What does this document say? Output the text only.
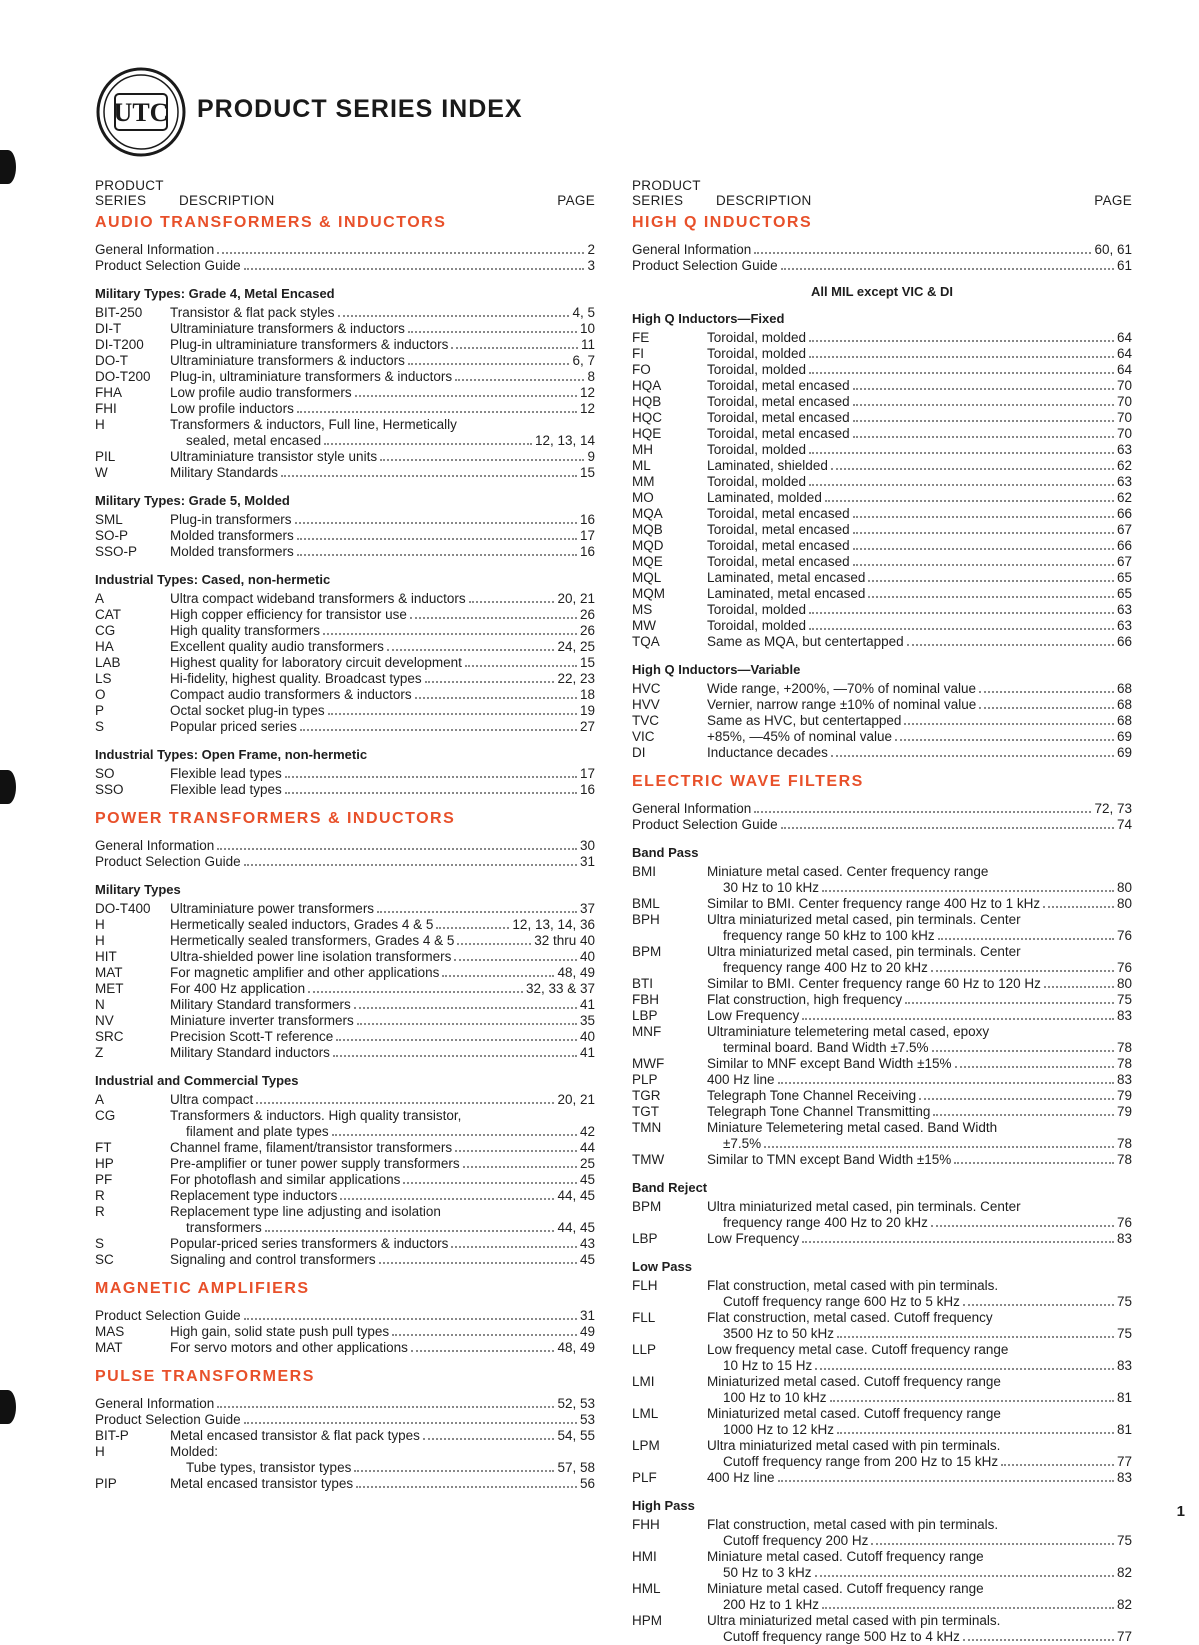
UTC PRODUCT SERIES INDEX
PRODUCT SERIES	DESCRIPTION	PAGE
AUDIO TRANSFORMERS & INDUCTORS
General Information	2
Product Selection Guide	3
Military Types: Grade 4, Metal Encased
BIT-250	Transistor & flat pack styles	4, 5
DI-T	Ultraminiature transformers & inductors	10
DI-T200	Plug-in ultraminiature transformers & inductors	11
DO-T	Ultraminiature transformers & inductors	6, 7
DO-T200	Plug-in, ultraminiature transformers & inductors	8
FHA	Low profile audio transformers	12
FHI	Low profile inductors	12
H	Transformers & inductors, Full line, Hermetically
sealed, metal encased	12, 13, 14
PIL	Ultraminiature transistor style units	9
W	Military Standards	15
Military Types: Grade 5, Molded
SML	Plug-in transformers	16
SO-P	Molded transformers	17
SSO-P	Molded transformers	16
Industrial Types: Cased, non-hermetic
A	Ultra compact wideband transformers & inductors	20, 21
CAT	High copper efficiency for transistor use	26
CG	High quality transformers	26
HA	Excellent quality audio transformers	24, 25
LAB	Highest quality for laboratory circuit development	15
LS	Hi-fidelity, highest quality. Broadcast types	22, 23
O	Compact audio transformers & inductors	18
P	Octal socket plug-in types	19
S	Popular priced series	27
Industrial Types: Open Frame, non-hermetic
SO	Flexible lead types	17
SSO	Flexible lead types	16
POWER TRANSFORMERS & INDUCTORS
General Information	30
Product Selection Guide	31
Military Types
DO-T400	Ultraminiature power transformers	37
H	Hermetically sealed inductors, Grades 4 & 5	12, 13, 14, 36
H	Hermetically sealed transformers, Grades 4 & 5	32 thru 40
HIT	Ultra-shielded power line isolation transformers	40
MAT	For magnetic amplifier and other applications	48, 49
MET	For 400 Hz application	32, 33 & 37
N	Military Standard transformers	41
NV	Miniature inverter transformers	35
SRC	Precision Scott-T reference	40
Z	Military Standard inductors	41
Industrial and Commercial Types
A	Ultra compact	20, 21
CG	Transformers & inductors. High quality transistor,
filament and plate types	42
FT	Channel frame, filament/transistor transformers	44
HP	Pre-amplifier or tuner power supply transformers	25
PF	For photoflash and similar applications	45
R	Replacement type inductors	44, 45
R	Replacement type line adjusting and isolation
transformers	44, 45
S	Popular-priced series transformers & inductors	43
SC	Signaling and control transformers	45
MAGNETIC AMPLIFIERS
Product Selection Guide	31
MAS	High gain, solid state push pull types	49
MAT	For servo motors and other applications	48, 49
PULSE TRANSFORMERS
General Information	52, 53
Product Selection Guide	53
BIT-P	Metal encased transistor & flat pack types	54, 55
H	Molded:
Tube types, transistor types	57, 58
PIP	Metal encased transistor types	56
PRODUCT SERIES	DESCRIPTION	PAGE
HIGH Q INDUCTORS
General Information	60, 61
Product Selection Guide	61
All MIL except VIC & DI
High Q Inductors—Fixed
FE	Toroidal, molded	64
FI	Toroidal, molded	64
FO	Toroidal, molded	64
HQA	Toroidal, metal encased	70
HQB	Toroidal, metal encased	70
HQC	Toroidal, metal encased	70
HQE	Toroidal, metal encased	70
MH	Toroidal, molded	63
ML	Laminated, shielded	62
MM	Toroidal, molded	63
MO	Laminated, molded	62
MQA	Toroidal, metal encased	66
MQB	Toroidal, metal encased	67
MQD	Toroidal, metal encased	66
MQE	Toroidal, metal encased	67
MQL	Laminated, metal encased	65
MQM	Laminated, metal encased	65
MS	Toroidal, molded	63
MW	Toroidal, molded	63
TQA	Same as MQA, but centertapped	66
High Q Inductors—Variable
HVC	Wide range, +200%, —70% of nominal value	68
HVV	Vernier, narrow range ±10% of nominal value	68
TVC	Same as HVC, but centertapped	68
VIC	+85%, —45% of nominal value	69
DI	Inductance decades	69
ELECTRIC WAVE FILTERS
General Information	72, 73
Product Selection Guide	74
Band Pass
BMI	Miniature metal cased. Center frequency range
30 Hz to 10 kHz	80
BML	Similar to BMI. Center frequency range 400 Hz to 1 kHz	80
BPH	Ultra miniaturized metal cased, pin terminals. Center
frequency range 50 kHz to 100 kHz	76
BPM	Ultra miniaturized metal cased, pin terminals. Center
frequency range 400 Hz to 20 kHz	76
BTI	Similar to BMI. Center frequency range 60 Hz to 120 Hz	80
FBH	Flat construction, high frequency	75
LBP	Low Frequency	83
MNF	Ultraminiature telemetering metal cased, epoxy
terminal board. Band Width ±7.5%	78
MWF	Similar to MNF except Band Width ±15%	78
PLP	400 Hz line	83
TGR	Telegraph Tone Channel Receiving	79
TGT	Telegraph Tone Channel Transmitting	79
TMN	Miniature Telemetering metal cased. Band Width
±7.5%	78
TMW	Similar to TMN except Band Width ±15%	78
Band Reject
BPM	Ultra miniaturized metal cased, pin terminals. Center
frequency range 400 Hz to 20 kHz	76
LBP	Low Frequency	83
Low Pass
FLH	Flat construction, metal cased with pin terminals.
Cutoff frequency range 600 Hz to 5 kHz	75
FLL	Flat construction, metal cased. Cutoff frequency
3500 Hz to 50 kHz	75
LLP	Low frequency metal case. Cutoff frequency range
10 Hz to 15 Hz	83
LMI	Miniaturized metal cased. Cutoff frequency range
100 Hz to 10 kHz	81
LML	Miniaturized metal cased. Cutoff frequency range
1000 Hz to 12 kHz	81
LPM	Ultra miniaturized metal cased with pin terminals.
Cutoff frequency range from 200 Hz to 15 kHz	77
PLF	400 Hz line	83
High Pass
FHH	Flat construction, metal cased with pin terminals.
Cutoff frequency 200 Hz	75
HMI	Miniature metal cased. Cutoff frequency range
50 Hz to 3 kHz	82
HML	Miniature metal cased. Cutoff frequency range
200 Hz to 1 kHz	82
HPM	Ultra miniaturized metal cased with pin terminals.
Cutoff frequency range 500 Hz to 4 kHz	77
1
